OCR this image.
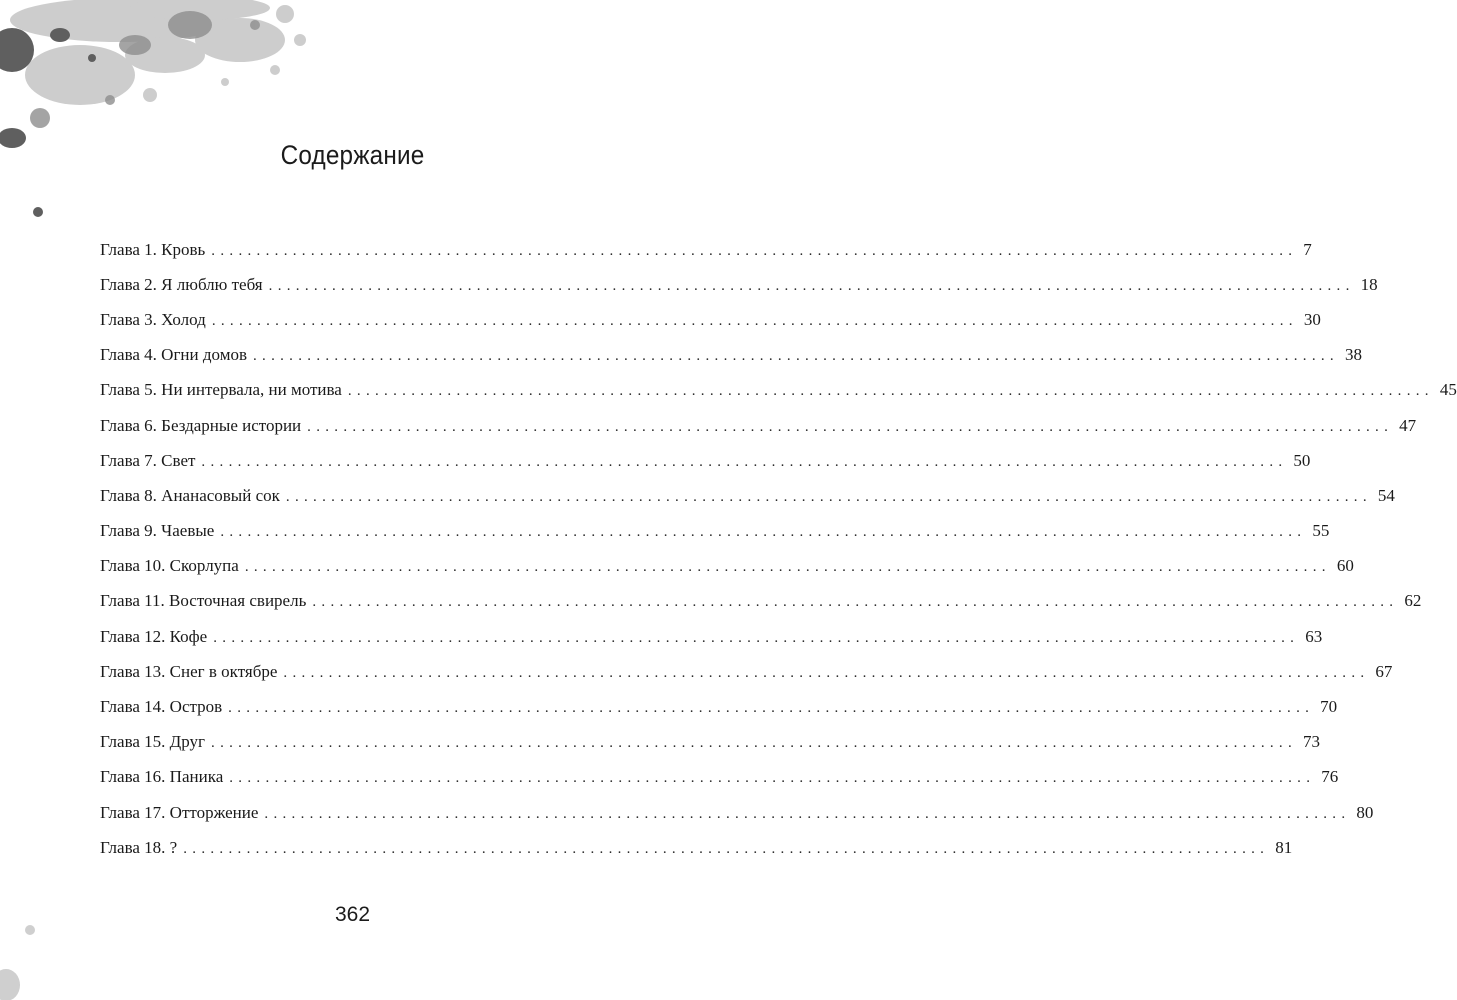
Содержание
Глава 1. Кровь ........................................................................................................................ 7
Глава 2. Я люблю тебя ........................................................................................................................ 18
Глава 3. Холод ........................................................................................................................ 30
Глава 4. Огни домов ........................................................................................................................ 38
Глава 5. Ни интервала, ни мотива ........................................................................................................................ 45
Глава 6. Бездарные истории ........................................................................................................................ 47
Глава 7. Свет ........................................................................................................................ 50
Глава 8. Ананасовый сок ........................................................................................................................ 54
Глава 9. Чаевые ........................................................................................................................ 55
Глава 10. Скорлупа ........................................................................................................................ 60
Глава 11. Восточная свирель ........................................................................................................................ 62
Глава 12. Кофе ........................................................................................................................ 63
Глава 13. Снег в октябре ........................................................................................................................ 67
Глава 14. Остров ........................................................................................................................ 70
Глава 15. Друг ........................................................................................................................ 73
Глава 16. Паника ........................................................................................................................ 76
Глава 17. Отторжение ........................................................................................................................ 80
Глава 18. ? ........................................................................................................................ 81
362
